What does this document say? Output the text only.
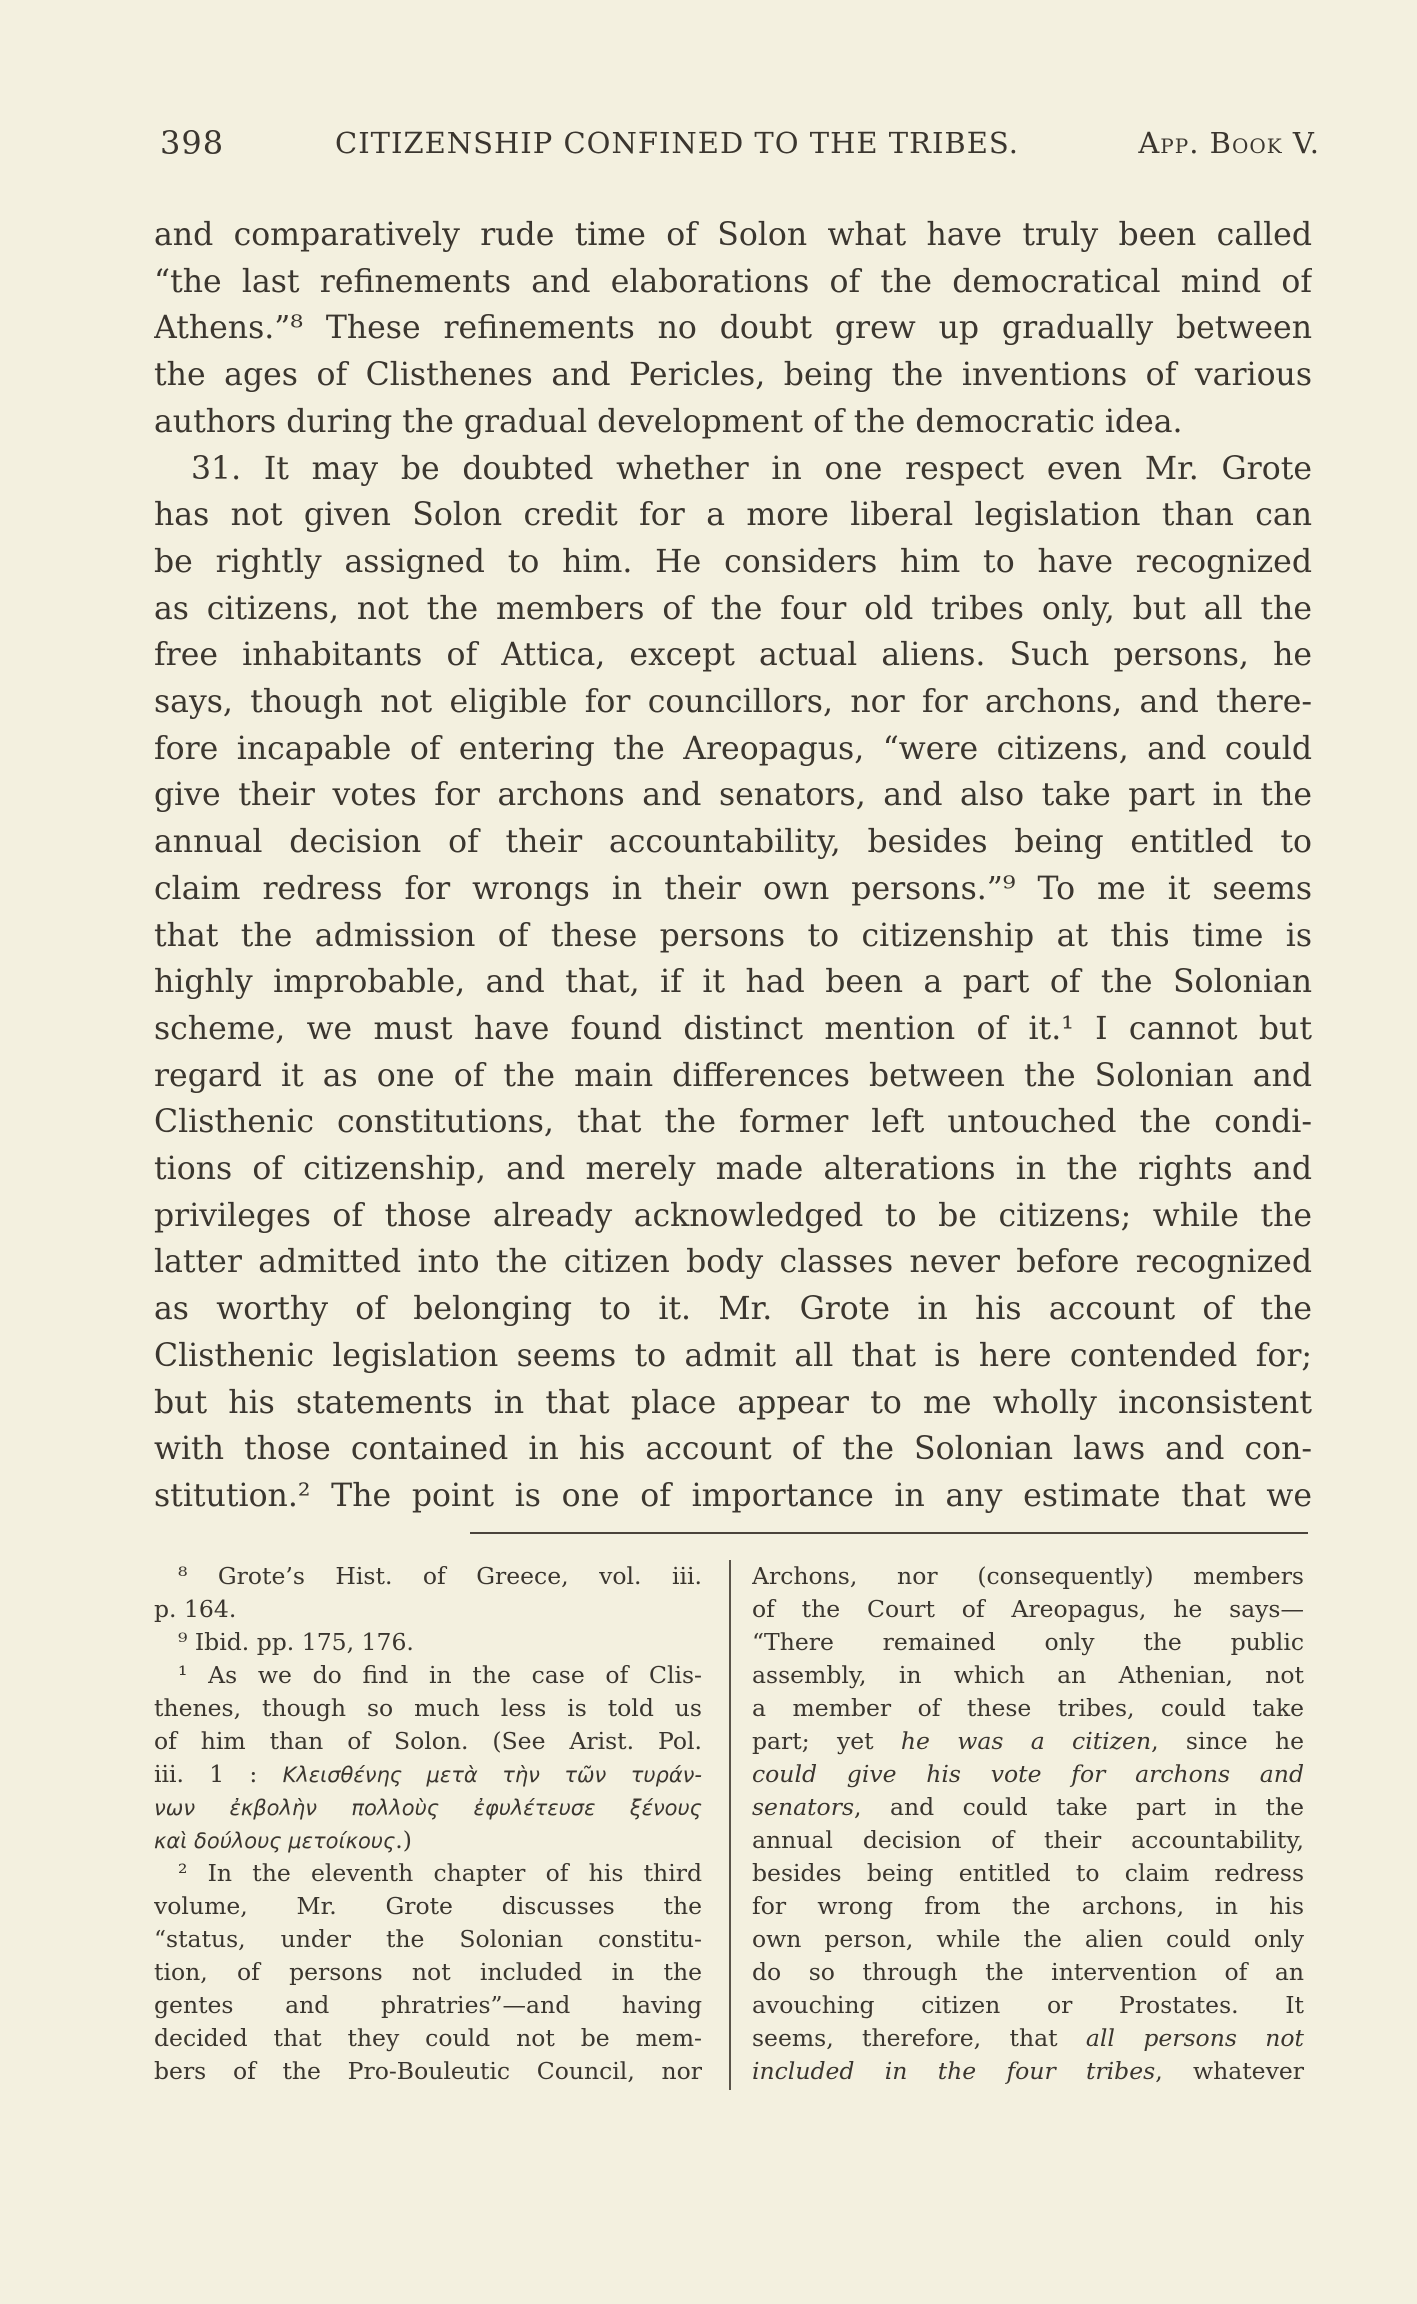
398	CITIZENSHIP CONFINED TO THE TRIBES.	App. Book V.
and comparatively rude time of Solon what have truly been called
“the last refinements and elaborations of the democratical mind of
Athens.”⁸ These refinements no doubt grew up gradually between
the ages of Clisthenes and Pericles, being the inventions of various
authors during the gradual development of the democratic idea.
31. It may be doubted whether in one respect even Mr. Grote
has not given Solon credit for a more liberal legislation than can
be rightly assigned to him. He considers him to have recognized
as citizens, not the members of the four old tribes only, but all the
free inhabitants of Attica, except actual aliens. Such persons, he
says, though not eligible for councillors, nor for archons, and there-
fore incapable of entering the Areopagus, “were citizens, and could
give their votes for archons and senators, and also take part in the
annual decision of their accountability, besides being entitled to
claim redress for wrongs in their own persons.”⁹ To me it seems
that the admission of these persons to citizenship at this time is
highly improbable, and that, if it had been a part of the Solonian
scheme, we must have found distinct mention of it.¹ I cannot but
regard it as one of the main differences between the Solonian and
Clisthenic constitutions, that the former left untouched the condi-
tions of citizenship, and merely made alterations in the rights and
privileges of those already acknowledged to be citizens; while the
latter admitted into the citizen body classes never before recognized
as worthy of belonging to it. Mr. Grote in his account of the
Clisthenic legislation seems to admit all that is here contended for;
but his statements in that place appear to me wholly inconsistent
with those contained in his account of the Solonian laws and con-
stitution.² The point is one of importance in any estimate that we
⁸ Grote’s Hist. of Greece, vol. iii.
p. 164.
⁹ Ibid. pp. 175, 176.
¹ As we do find in the case of Clis-
thenes, though so much less is told us
of him than of Solon. (See Arist. Pol.
iii. 1 : Κλεισθένης μετὰ τὴν τῶν τυράν-
νων ἐκβολὴν πολλοὺς ἐφυλέτευσε ξένους
καὶ δούλους μετοίκους.)
² In the eleventh chapter of his third
volume, Mr. Grote discusses the
“status, under the Solonian constitu-
tion, of persons not included in the
gentes and phratries”—and having
decided that they could not be mem-
bers of the Pro-Bouleutic Council, nor
Archons, nor (consequently) members
of the Court of Areopagus, he says—
“There remained only the public
assembly, in which an Athenian, not
a member of these tribes, could take
part; yet he was a citizen, since he
could give his vote for archons and
senators, and could take part in the
annual decision of their accountability,
besides being entitled to claim redress
for wrong from the archons, in his
own person, while the alien could only
do so through the intervention of an
avouching citizen or Prostates. It
seems, therefore, that all persons not
included in the four tribes, whatever
